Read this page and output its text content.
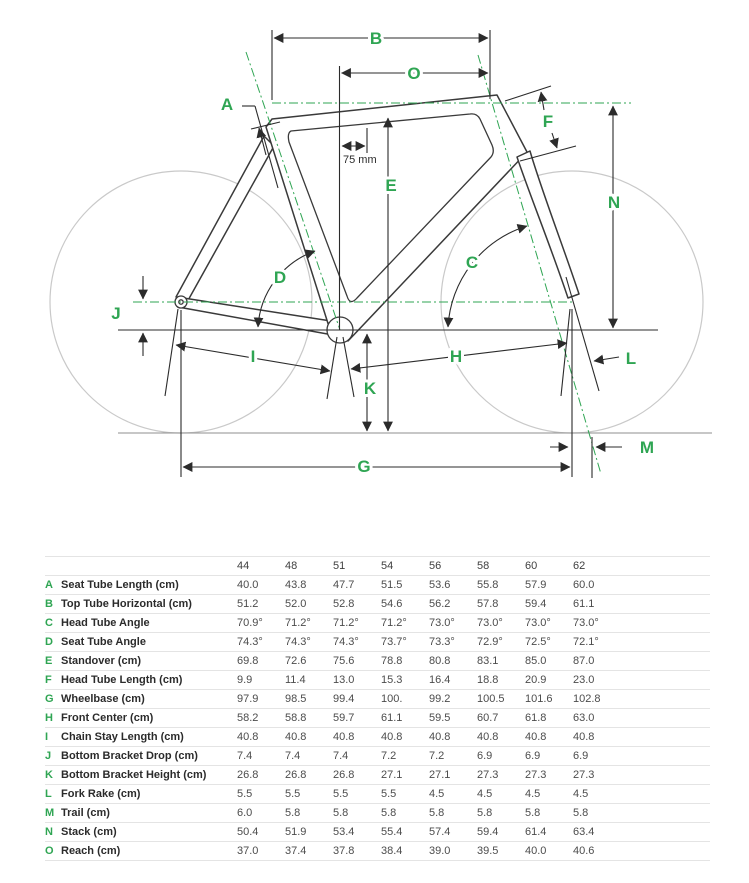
A
B
O
E
F
N
C
D
J
I	H
K
L
M
G
75 mm
		44	48	51	54	56	58	60	62	
A	Seat Tube Length (cm)	40.0	43.8	47.7	51.5	53.6	55.8	57.9	60.0	
B	Top Tube Horizontal (cm)	51.2	52.0	52.8	54.6	56.2	57.8	59.4	61.1	
C	Head Tube Angle	70.9°	71.2°	71.2°	71.2°	73.0°	73.0°	73.0°	73.0°	
D	Seat Tube Angle	74.3°	74.3°	74.3°	73.7°	73.3°	72.9°	72.5°	72.1°	
E	Standover (cm)	69.8	72.6	75.6	78.8	80.8	83.1	85.0	87.0	
F	Head Tube Length (cm)	9.9	11.4	13.0	15.3	16.4	18.8	20.9	23.0	
G	Wheelbase (cm)	97.9	98.5	99.4	100.	99.2	100.5	101.6	102.8	
H	Front Center (cm)	58.2	58.8	59.7	61.1	59.5	60.7	61.8	63.0	
I	Chain Stay Length (cm)	40.8	40.8	40.8	40.8	40.8	40.8	40.8	40.8	
J	Bottom Bracket Drop (cm)	7.4	7.4	7.4	7.2	7.2	6.9	6.9	6.9	
K	Bottom Bracket Height (cm)	26.8	26.8	26.8	27.1	27.1	27.3	27.3	27.3	
L	Fork Rake (cm)	5.5	5.5	5.5	5.5	4.5	4.5	4.5	4.5	
M	Trail (cm)	6.0	5.8	5.8	5.8	5.8	5.8	5.8	5.8	
N	Stack (cm)	50.4	51.9	53.4	55.4	57.4	59.4	61.4	63.4	
O	Reach (cm)	37.0	37.4	37.8	38.4	39.0	39.5	40.0	40.6	
